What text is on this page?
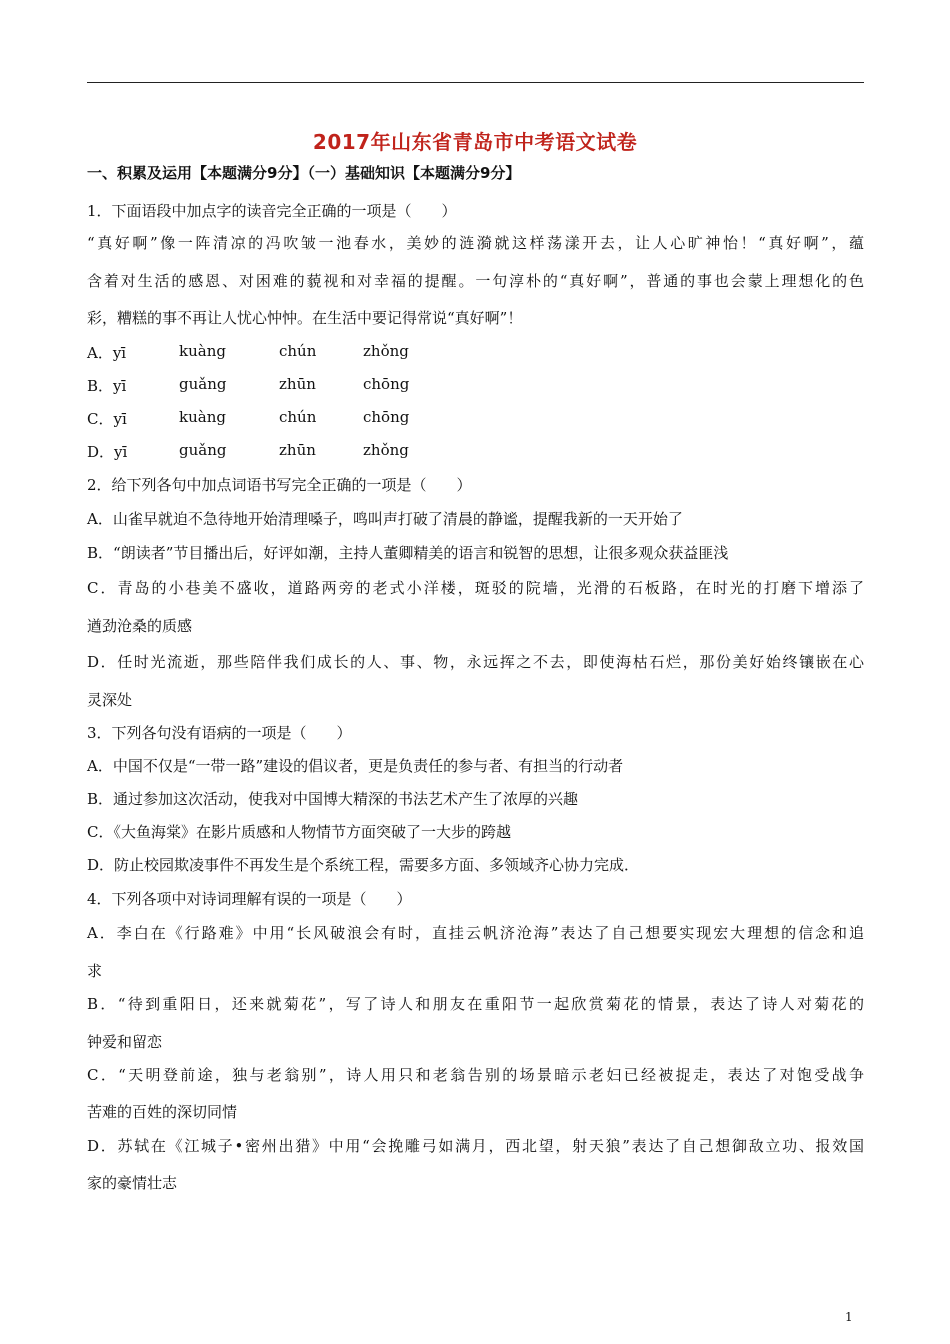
2017年山东省青岛市中考语文试卷
一、积累及运用【本题满分9分】（一）基础知识【本题满分9分】
1．下面语段中加点字的读音完全正确的一项是（　　）
“真好啊”像一阵清凉的冯吹皱一池春水，美妙的涟漪就这样荡漾开去，让人心旷神怡！“真好啊”，蕴
含着对生活的感恩、对困难的藐视和对幸福的提醒。一句淳朴的“真好啊”，普通的事也会蒙上理想化的色
彩，糟糕的事不再让人忧心忡忡。在生活中要记得常说“真好啊”！
A．yī	kuàng	chún	zhǒng
B．yī	guǎng	zhūn	chōng
C．yī	kuàng	chún	chōng
D．yī	guǎng	zhūn	zhǒng
2．给下列各句中加点词语书写完全正确的一项是（　　）
A．山雀早就迫不急待地开始清理嗓子，鸣叫声打破了清晨的静谧，提醒我新的一天开始了
B．“朗读者”节目播出后，好评如潮，主持人董卿精美的语言和锐智的思想，让很多观众获益匪浅
C．青岛的小巷美不盛收，道路两旁的老式小洋楼，斑驳的院墙，光滑的石板路，在时光的打磨下增添了
遒劲沧桑的质感
D．任时光流逝，那些陪伴我们成长的人、事、物，永远挥之不去，即使海枯石烂，那份美好始终镶嵌在心
灵深处
3．下列各句没有语病的一项是（　　）
A．中国不仅是“一带一路”建设的倡议者，更是负责任的参与者、有担当的行动者
B．通过参加这次活动，使我对中国博大精深的书法艺术产生了浓厚的兴趣
C．《大鱼海棠》在影片质感和人物情节方面突破了一大步的跨越
D．防止校园欺凌事件不再发生是个系统工程，需要多方面、多领域齐心协力完成．
4．下列各项中对诗词理解有误的一项是（　　）
A．李白在《行路难》中用“长风破浪会有时，直挂云帆济沧海”表达了自己想要实现宏大理想的信念和追
求
B．“待到重阳日，还来就菊花”，写了诗人和朋友在重阳节一起欣赏菊花的情景，表达了诗人对菊花的
钟爱和留恋
C．“天明登前途，独与老翁别”，诗人用只和老翁告别的场景暗示老妇已经被捉走，表达了对饱受战争
苦难的百姓的深切同情
D．苏轼在《江城子•密州出猎》中用“会挽雕弓如满月，西北望，射天狼”表达了自己想御敌立功、报效国
家的豪情壮志
1
